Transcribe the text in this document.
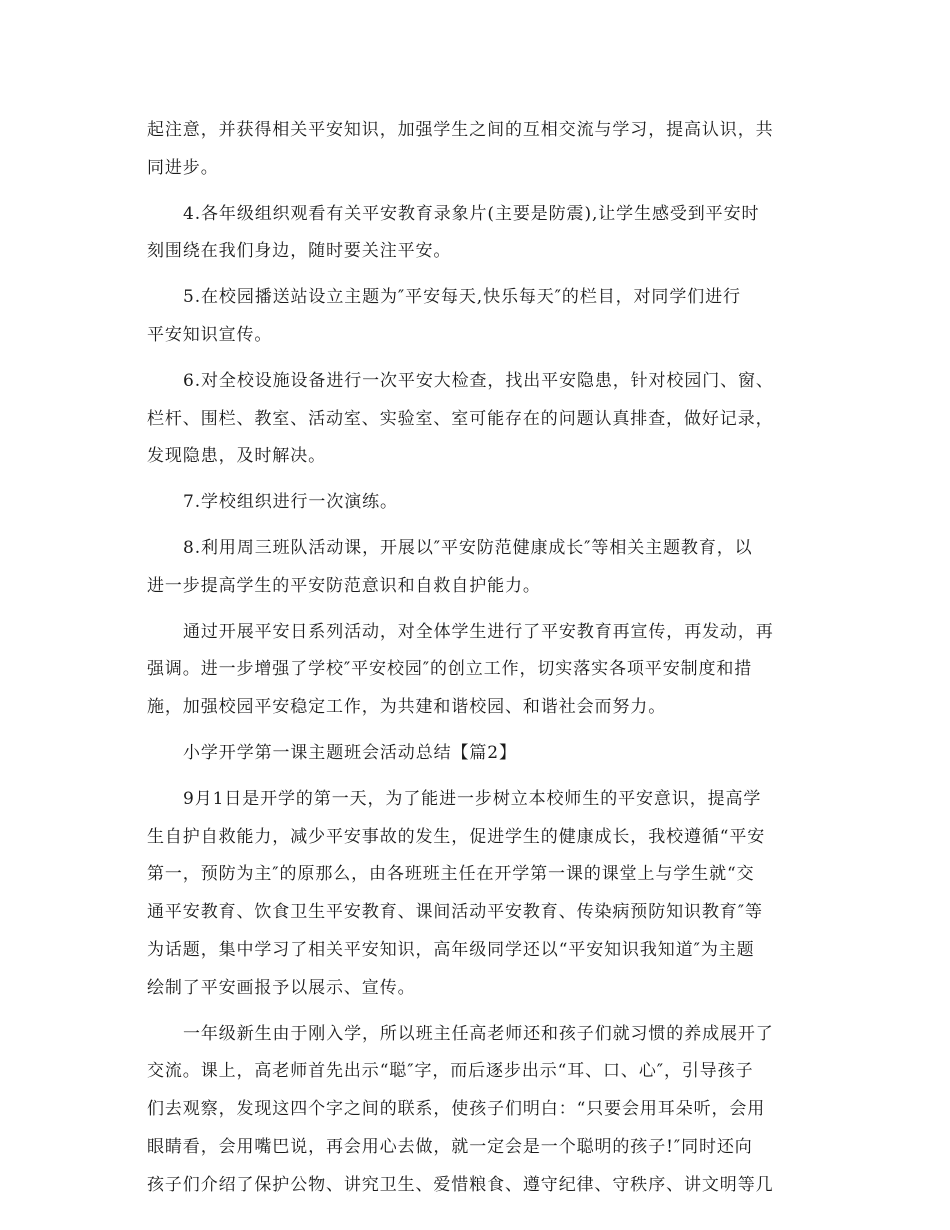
起注意，并获得相关平安知识，加强学生之间的互相交流与学习，提高认识，共
同进步。

4.各年级组织观看有关平安教育录象片(主要是防震),让学生感受到平安时
刻围绕在我们身边，随时要关注平安。

5.在校园播送站设立主题为″平安每天,快乐每天″的栏目，对同学们进行
平安知识宣传。

6.对全校设施设备进行一次平安大检查，找出平安隐患，针对校园门、窗、
栏杆、围栏、教室、活动室、实验室、室可能存在的问题认真排查，做好记录，
发现隐患，及时解决。

7.学校组织进行一次演练。

8.利用周三班队活动课，开展以″平安防范健康成长″等相关主题教育，以
进一步提高学生的平安防范意识和自救自护能力。

通过开展平安日系列活动，对全体学生进行了平安教育再宣传，再发动，再
强调。进一步增强了学校″平安校园″的创立工作，切实落实各项平安制度和措
施，加强校园平安稳定工作，为共建和谐校园、和谐社会而努力。

小学开学第一课主题班会活动总结【篇2】

9月1日是开学的第一天，为了能进一步树立本校师生的平安意识，提高学
生自护自救能力，减少平安事故的发生，促进学生的健康成长，我校遵循“平安
第一，预防为主″的原那么，由各班班主任在开学第一课的课堂上与学生就“交
通平安教育、饮食卫生平安教育、课间活动平安教育、传染病预防知识教育″等
为话题，集中学习了相关平安知识，高年级同学还以“平安知识我知道″为主题
绘制了平安画报予以展示、宣传。

一年级新生由于刚入学，所以班主任高老师还和孩子们就习惯的养成展开了
交流。课上，高老师首先出示“聪″字，而后逐步出示“耳、口、心″，引导孩子
们去观察，发现这四个字之间的联系，使孩子们明白：“只要会用耳朵听，会用
眼睛看，会用嘴巴说，再会用心去做，就一定会是一个聪明的孩子!″同时还向
孩子们介绍了保护公物、讲究卫生、爱惜粮食、遵守纪律、守秩序、讲文明等几
